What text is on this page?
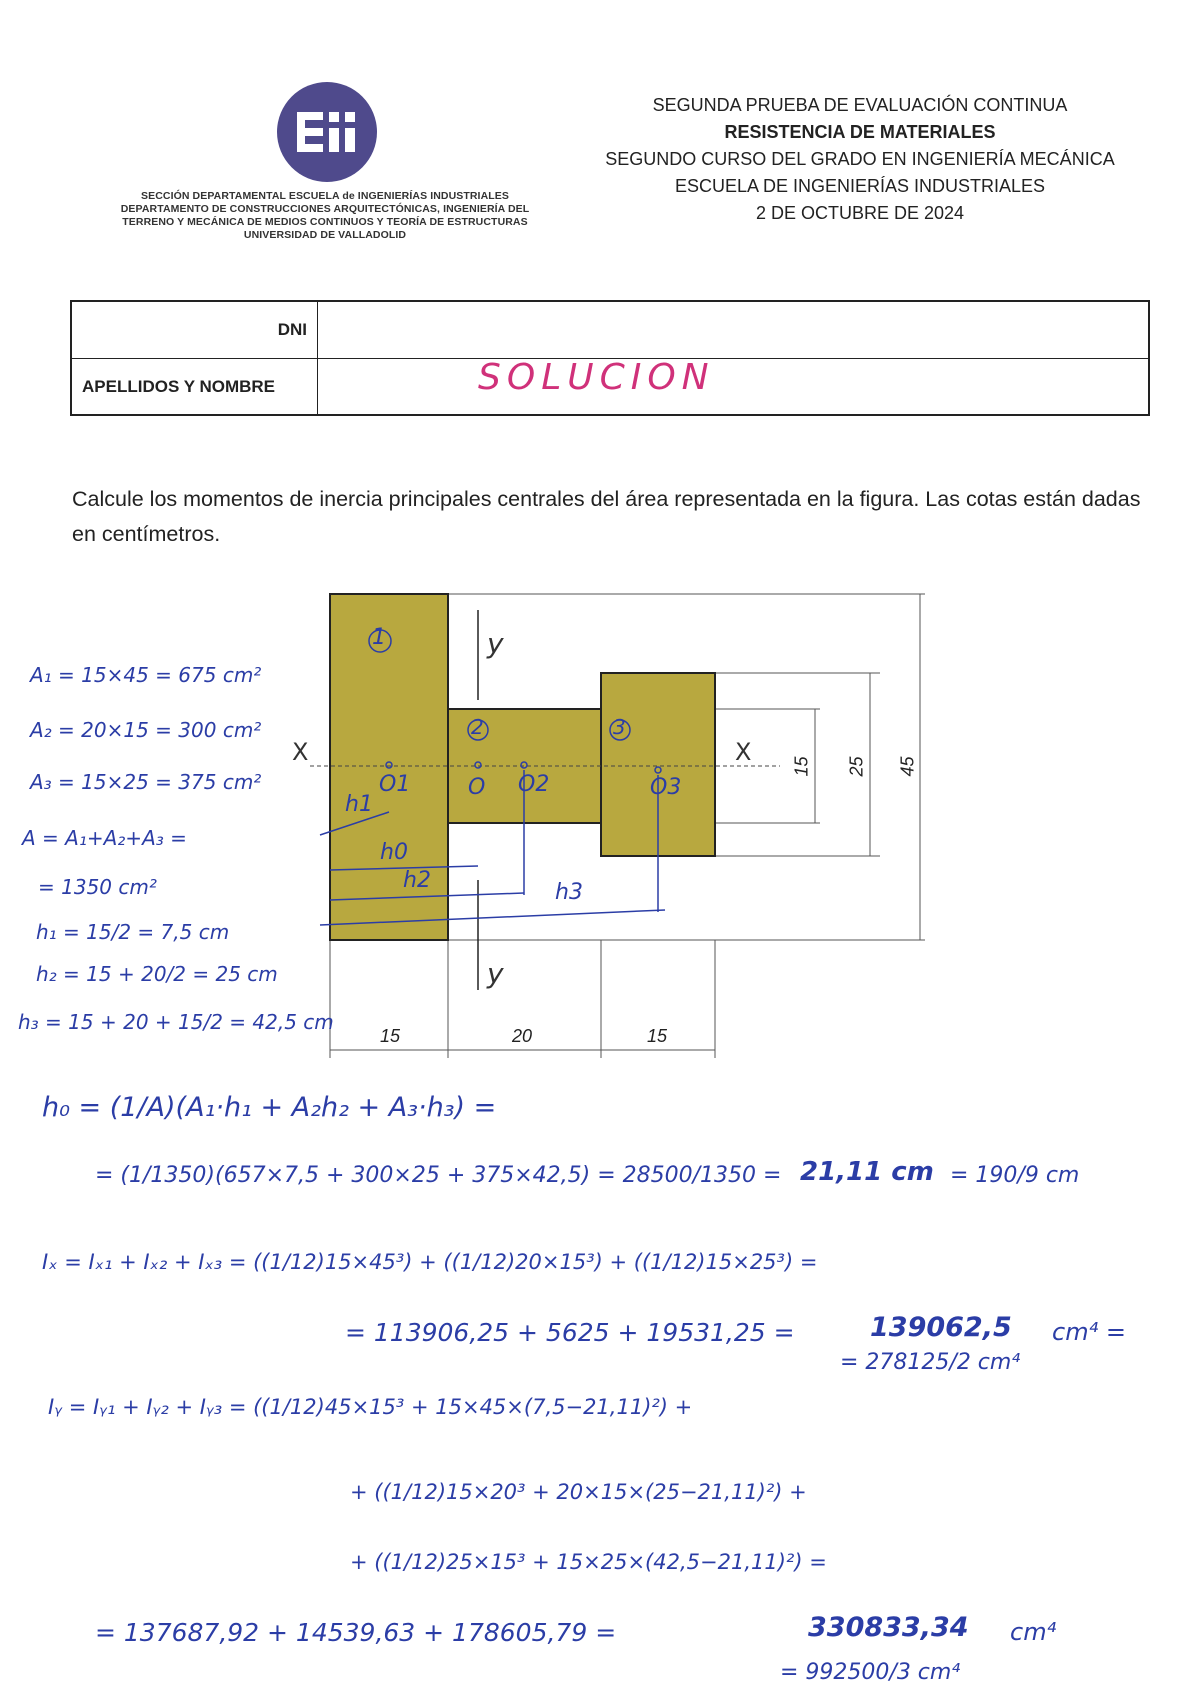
SECCIÓN DEPARTAMENTAL ESCUELA de INGENIERÍAS INDUSTRIALES
DEPARTAMENTO DE CONSTRUCCIONES ARQUITECTÓNICAS, INGENIERÍA DEL
TERRENO Y MECÁNICA DE MEDIOS CONTINUOS Y TEORÍA DE ESTRUCTURAS
UNIVERSIDAD DE VALLADOLID
SEGUNDA PRUEBA DE EVALUACIÓN CONTINUA
RESISTENCIA DE MATERIALES
SEGUNDO CURSO DEL GRADO EN INGENIERÍA MECÁNICA
ESCUELA DE INGENIERÍAS INDUSTRIALES
2 DE OCTUBRE DE 2024
DNI
APELLIDOS Y NOMBRE	SOLUCION
Calcule los momentos de inercia principales centrales del área representada en la figura. Las cotas están dadas en centímetros.
1
2	3
y
y
X	X
O1	O O2	O3
h1
h0
h2	h3
15	20	15
15 25 45
A₁ = 15×45 = 675 cm²
A₂ = 20×15 = 300 cm²
A₃ = 15×25 = 375 cm²
A = A₁+A₂+A₃ =
= 1350 cm²
h₁ = 15/2 = 7,5 cm
h₂ = 15 + 20/2 = 25 cm
h₃ = 15 + 20 + 15/2 = 42,5 cm
h₀ = (1/A)(A₁·h₁ + A₂h₂ + A₃·h₃) =
= (1/1350)(657×7,5 + 300×25 + 375×42,5) = 28500/1350 = 21,11 cm = 190/9 cm
Iₓ = Iₓ₁ + Iₓ₂ + Iₓ₃ = ((1/12)15×45³) + ((1/12)20×15³) + ((1/12)15×25³) =
= 113906,25 + 5625 + 19531,25 =	139062,5 cm⁴ =
= 278125/2 cm⁴
Iᵧ = Iᵧ₁ + Iᵧ₂ + Iᵧ₃ = ((1/12)45×15³ + 15×45×(7,5−21,11)²) +
+ ((1/12)15×20³ + 20×15×(25−21,11)²) +
+ ((1/12)25×15³ + 15×25×(42,5−21,11)²) =
= 137687,92 + 14539,63 + 178605,79 =	330833,34 cm⁴
= 992500/3 cm⁴
